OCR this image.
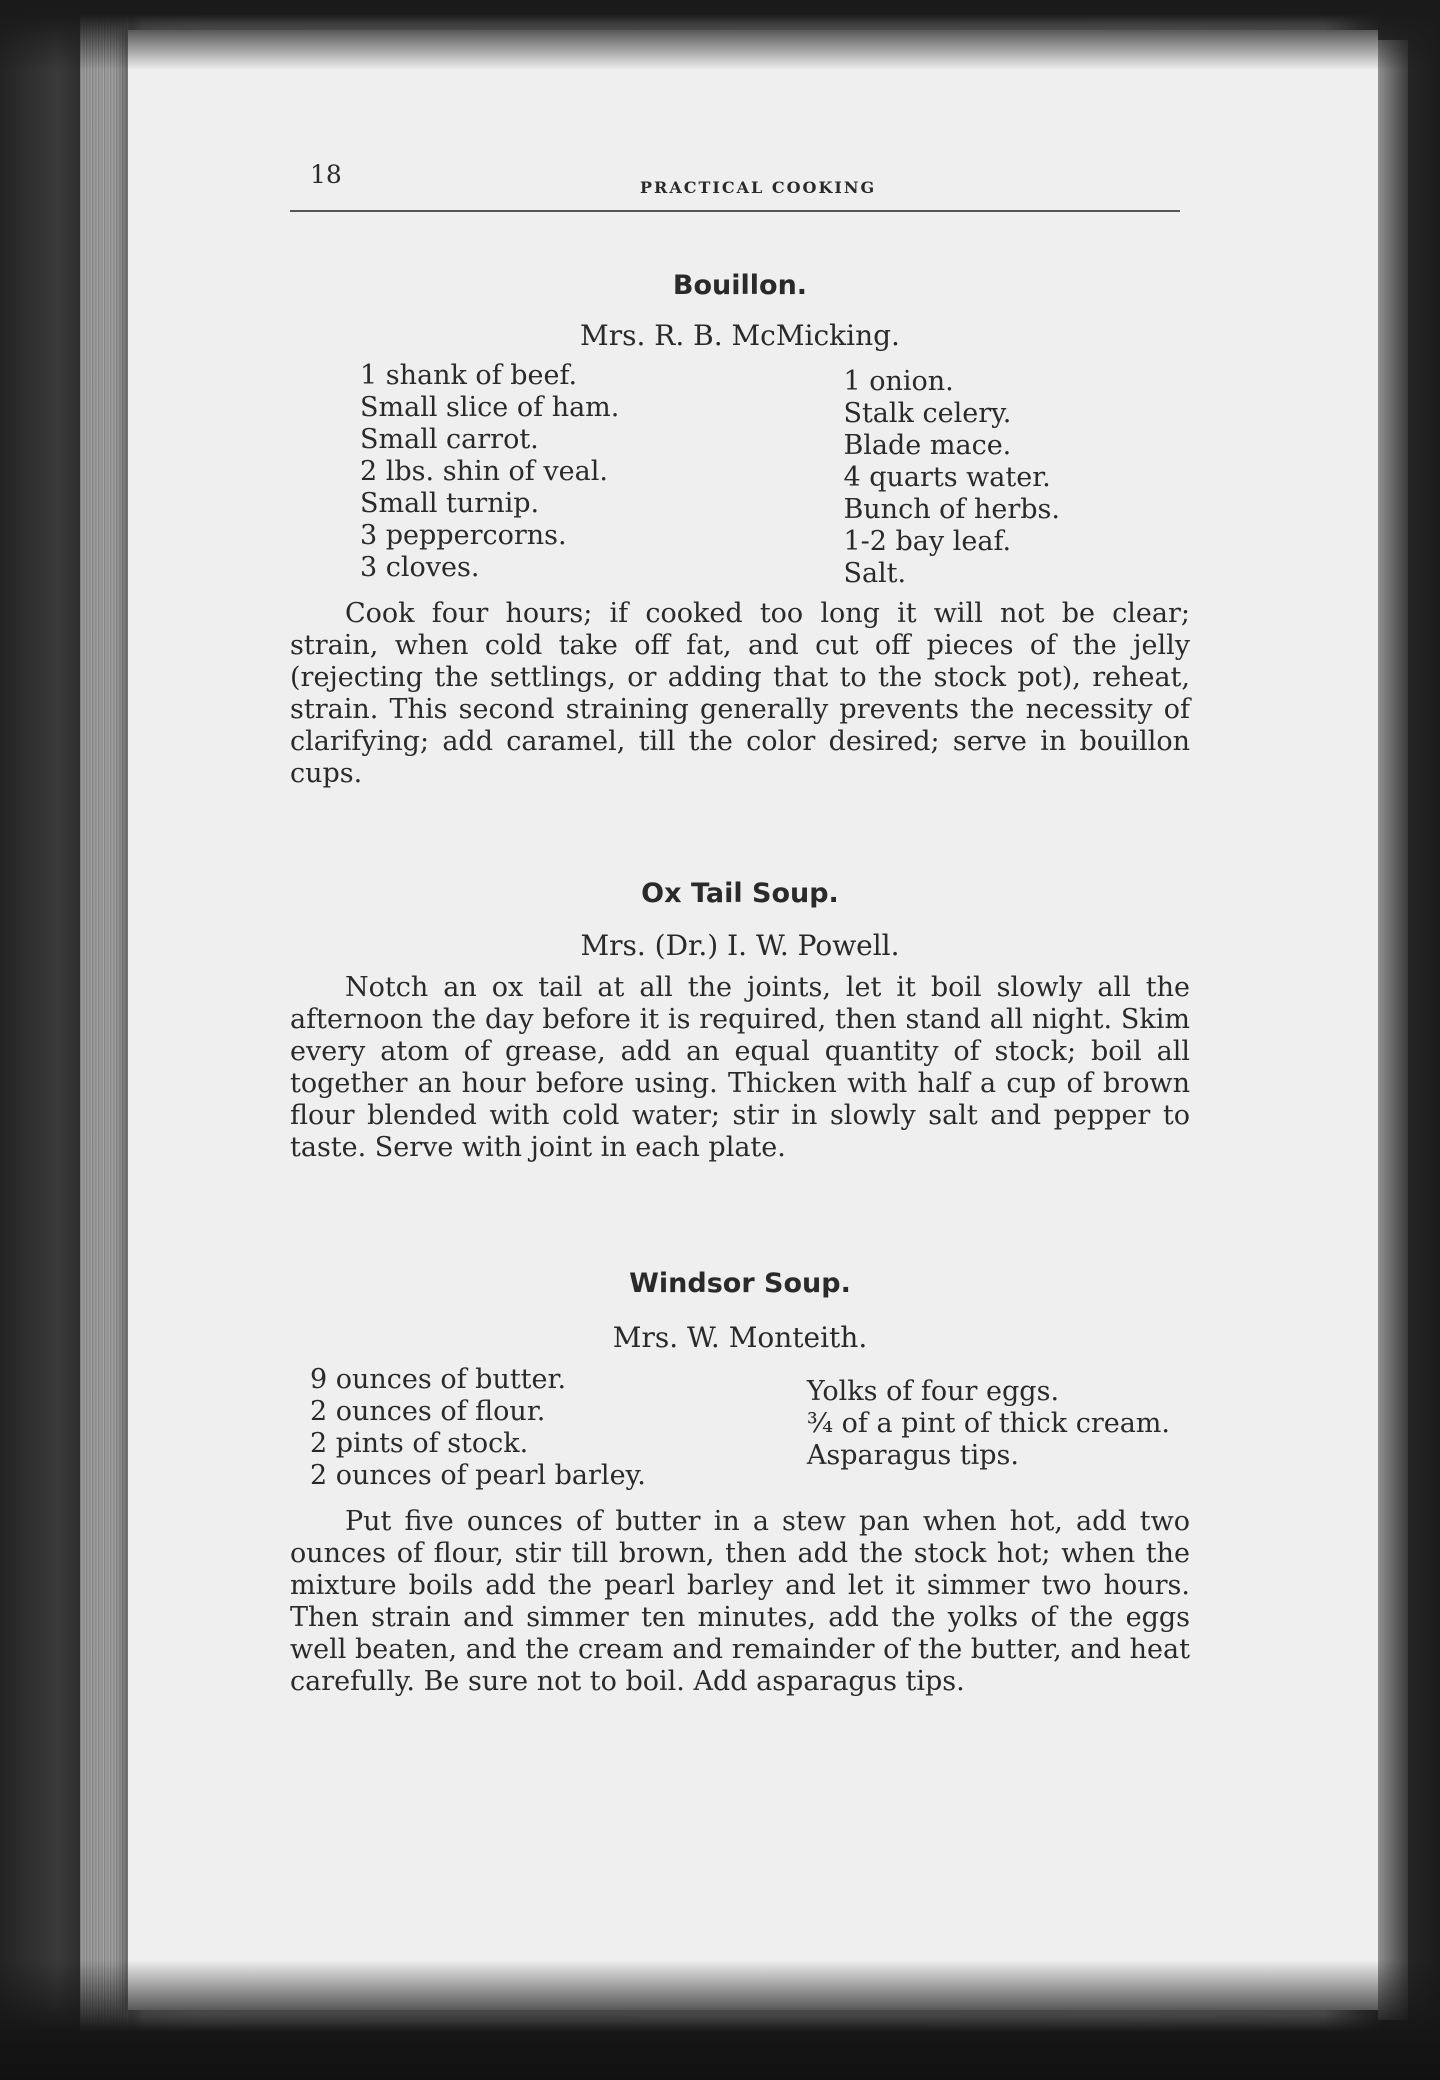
18	PRACTICAL COOKING
Bouillon.

Mrs. R. B. McMicking.

1 shank of beef.
Small slice of ham.
Small carrot.
2 lbs. shin of veal.
Small turnip.
3 peppercorns.
3 cloves.
1 onion.
Stalk celery.
Blade mace.
4 quarts water.
Bunch of herbs.
1-2 bay leaf.
Salt.

Cook four hours; if cooked too long it will not be clear; strain, when cold take off fat, and cut off pieces of the jelly (rejecting the settlings, or adding that to the stock pot), reheat, strain. This second straining generally prevents the necessity of clarifying; add caramel, till the color desired; serve in bouillon cups.

Ox Tail Soup.

Mrs. (Dr.) I. W. Powell.

Notch an ox tail at all the joints, let it boil slowly all the afternoon the day before it is required, then stand all night. Skim every atom of grease, add an equal quantity of stock; boil all together an hour before using. Thicken with half a cup of brown flour blended with cold water; stir in slowly salt and pepper to taste. Serve with joint in each plate.

Windsor Soup.

Mrs. W. Monteith.

9 ounces of butter.
2 ounces of flour.
2 pints of stock.
2 ounces of pearl barley.
Yolks of four eggs.
¾ of a pint of thick cream.
Asparagus tips.

Put five ounces of butter in a stew pan when hot, add two ounces of flour, stir till brown, then add the stock hot; when the mixture boils add the pearl barley and let it simmer two hours. Then strain and simmer ten minutes, add the yolks of the eggs well beaten, and the cream and remainder of the butter, and heat carefully. Be sure not to boil. Add asparagus tips.
